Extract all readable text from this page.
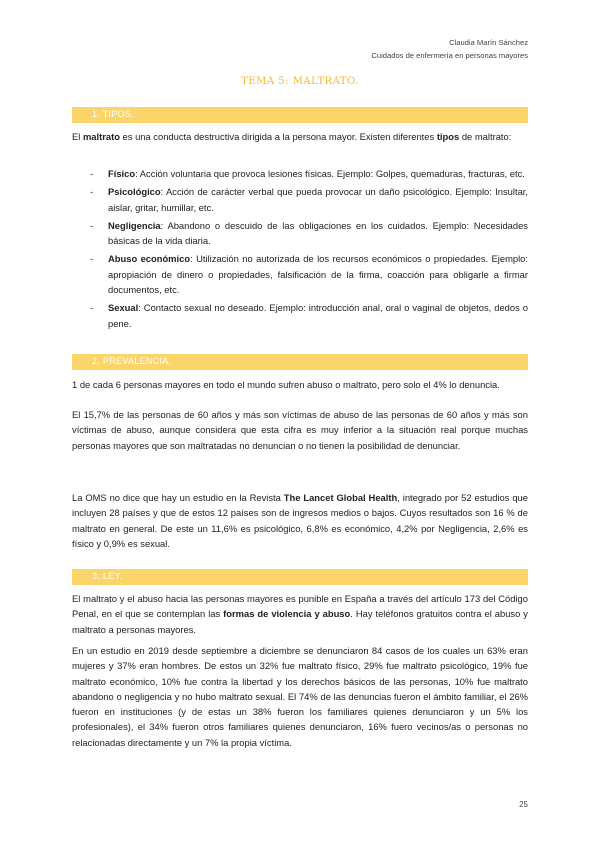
Claudia Marín Sánchez
Cuidados de enfermería en personas mayores
TEMA 5: MALTRATO.
1. TIPOS.
El maltrato es una conducta destructiva dirigida a la persona mayor. Existen diferentes tipos de maltrato:
- Físico: Acción voluntaria que provoca lesiones físicas. Ejemplo: Golpes, quemaduras, fracturas, etc.
- Psicológico: Acción de carácter verbal que pueda provocar un daño psicológico. Ejemplo: Insultar, aislar, gritar, humillar, etc.
- Negligencia: Abandono o descuido de las obligaciones en los cuidados. Ejemplo: Necesidades básicas de la vida diaria.
- Abuso económico: Utilización no autorizada de los recursos económicos o propiedades. Ejemplo: apropiación de dinero o propiedades, falsificación de la firma, coacción para obligarle a firmar documentos, etc.
- Sexual: Contacto sexual no deseado. Ejemplo: introducción anal, oral o vaginal de objetos, dedos o pene.
2. PREVALENCIA.
1 de cada 6 personas mayores en todo el mundo sufren abuso o maltrato, pero solo el 4% lo denuncia.
El 15,7% de las personas de 60 años y más son víctimas de abuso de las personas de 60 años y más son víctimas de abuso, aunque considera que esta cifra es muy inferior a la situación real porque muchas personas mayores que son maltratadas no denuncian o no tienen la posibilidad de denunciar.
La OMS no dice que hay un estudio en la Revista The Lancet Global Health, integrado por 52 estudios que incluyen 28 países y que de estos 12 países son de ingresos medios o bajos. Cuyos resultados son 16 % de maltrato en general. De este un 11,6% es psicológico, 6,8% es económico, 4,2% por Negligencia, 2,6% es físico y 0,9% es sexual.
3. LEY.
El maltrato y el abuso hacia las personas mayores es punible en España a través del artículo 173 del Código Penal, en el que se contemplan las formas de violencia y abuso. Hay teléfonos gratuitos contra el abuso y maltrato a personas mayores.
En un estudio en 2019 desde septiembre a diciembre se denunciaron 84 casos de los cuales un 63% eran mujeres y 37% eran hombres. De estos un 32% fue maltrato físico, 29% fue maltrato psicológico, 19% fue maltrato económico, 10% fue contra la libertad y los derechos básicos de las personas, 10% fue maltrato abandono o negligencia y no hubo maltrato sexual. El 74% de las denuncias fueron el ámbito familiar, el 26% fueron en instituciones (y de estas un 38% fueron los familiares quienes denunciaron y un 5% los profesionales), el 34% fueron otros familiares quienes denunciaron, 16% fuero vecinos/as o personas no relacionadas directamente y un 7% la propia víctima.
25
